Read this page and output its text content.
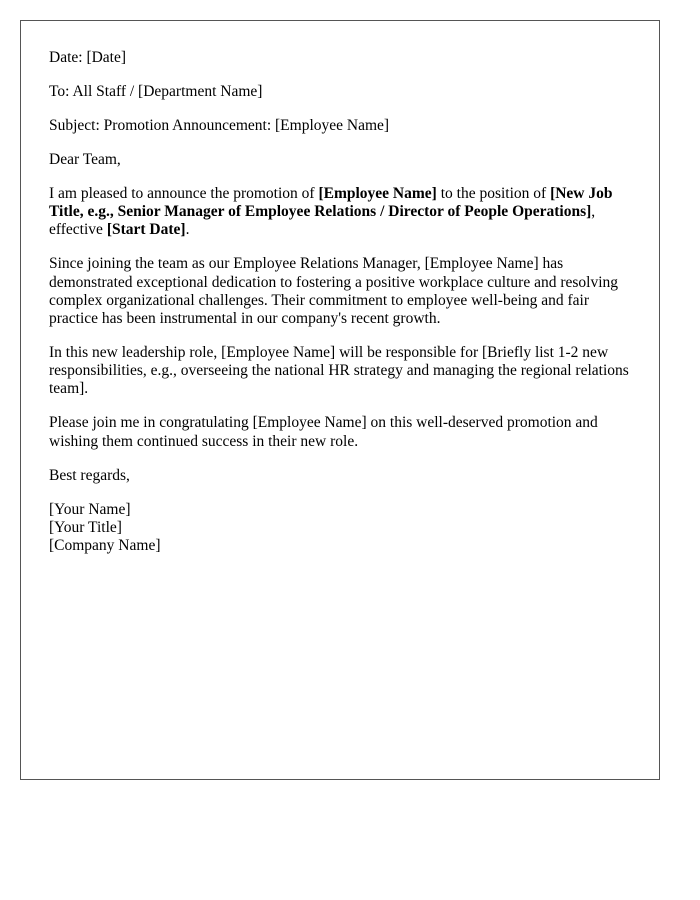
Date: [Date]

To: All Staff / [Department Name]

Subject: Promotion Announcement: [Employee Name]

Dear Team,

I am pleased to announce the promotion of [Employee Name] to the position of [New Job Title, e.g., Senior Manager of Employee Relations / Director of People Operations], effective [Start Date].

Since joining the team as our Employee Relations Manager, [Employee Name] has demonstrated exceptional dedication to fostering a positive workplace culture and resolving complex organizational challenges. Their commitment to employee well-being and fair practice has been instrumental in our company's recent growth.

In this new leadership role, [Employee Name] will be responsible for [Briefly list 1-2 new responsibilities, e.g., overseeing the national HR strategy and managing the regional relations team].

Please join me in congratulating [Employee Name] on this well-deserved promotion and wishing them continued success in their new role.

Best regards,

[Your Name]
[Your Title]
[Company Name]
